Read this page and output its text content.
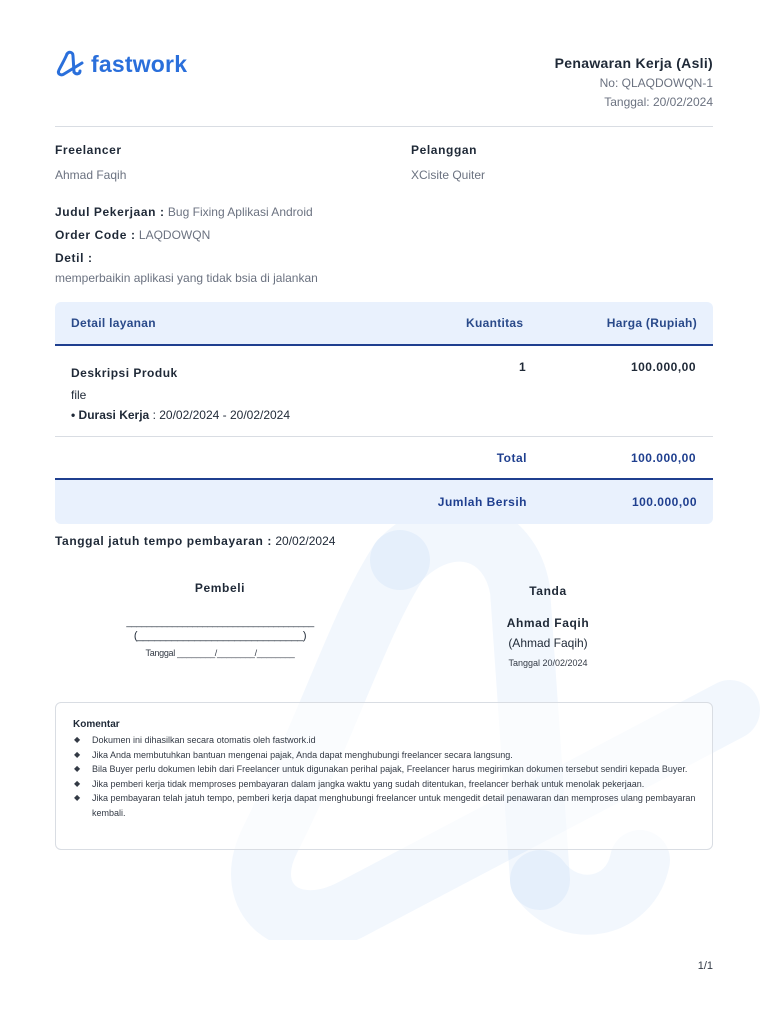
fastwork	Penawaran Kerja (Asli)
No: QLAQDOWQN-1
Tanggal: 20/02/2024
Freelancer
Ahmad Faqih
Pelanggan
XCisite Quiter
Judul Pekerjaan : Bug Fixing Aplikasi Android
Order Code : LAQDOWQN
Detil :
memperbaikin aplikasi yang tidak bsia di jalankan
Detail layanan	Kuantitas	Harga (Rupiah)
Deskripsi Produk
file
• Durasi Kerja : 20/02/2024 - 20/02/2024
1	100.000,00
Total	100.000,00
Jumlah Bersih	100.000,00
Tanggal jatuh tempo pembayaran : 20/02/2024
Pembeli
_____________________________________
(_____________________________)
Tanggal ________/________/________
Tanda
Ahmad Faqih
(Ahmad Faqih)
Tanggal 20/02/2024
Komentar
◆ Dokumen ini dihasilkan secara otomatis oleh fastwork.id
◆ Jika Anda membutuhkan bantuan mengenai pajak, Anda dapat menghubungi freelancer secara langsung.
◆ Bila Buyer perlu dokumen lebih dari Freelancer untuk digunakan perihal pajak, Freelancer harus megirimkan dokumen tersebut sendiri kepada Buyer.
◆ Jika pemberi kerja tidak memproses pembayaran dalam jangka waktu yang sudah ditentukan, freelancer berhak untuk menolak pekerjaan.
◆ Jika pembayaran telah jatuh tempo, pemberi kerja dapat menghubungi freelancer untuk mengedit detail penawaran dan memproses ulang pembayaran kembali.
1/1
